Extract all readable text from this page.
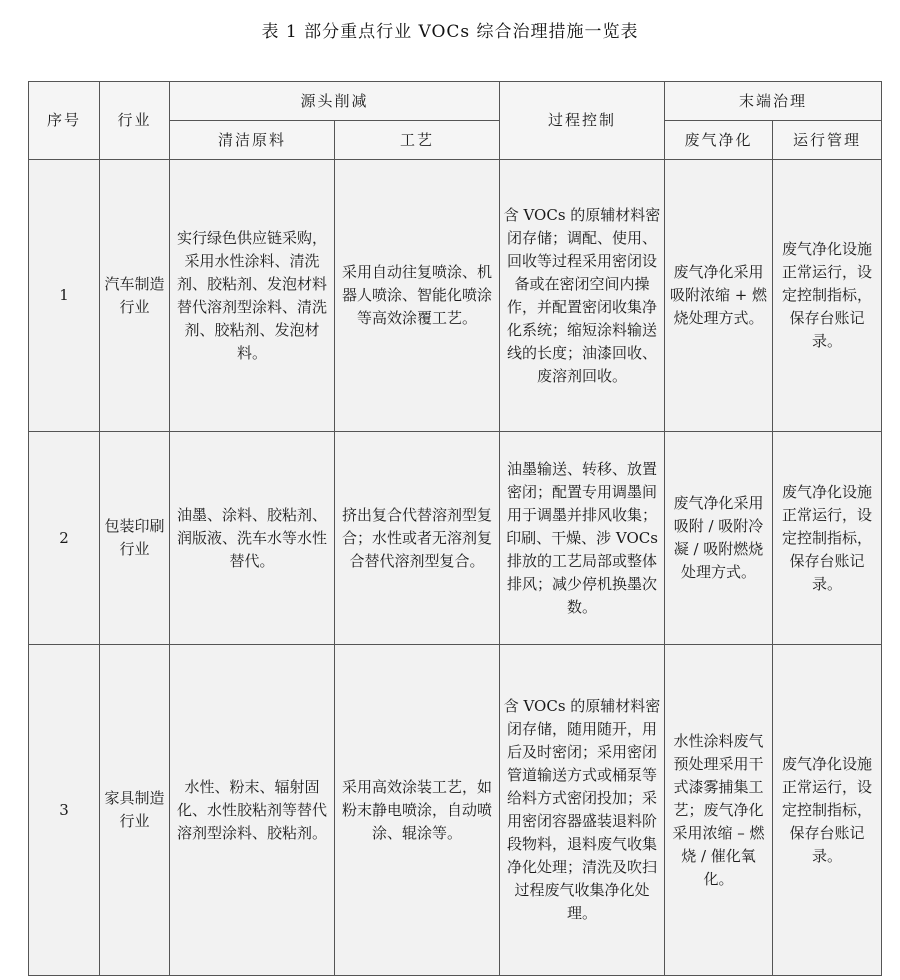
表 1 部分重点行业 VOCs 综合治理措施一览表
序号	行业	源头削减		过程控制	末端治理	
		清洁原料	工艺		废气净化	运行管理
1	汽车制造行业	实行绿色供应链采购，采用水性涂料、清洗剂、胶粘剂、发泡材料替代溶剂型涂料、清洗剂、胶粘剂、发泡材料。	采用自动往复喷涂、机器人喷涂、智能化喷涂等高效涂覆工艺。	含 VOCs 的原辅材料密闭存储；调配、使用、回收等过程采用密闭设备或在密闭空间内操作，并配置密闭收集净化系统；缩短涂料输送线的长度；油漆回收、废溶剂回收。	废气净化采用吸附浓缩 + 燃烧处理方式。	废气净化设施正常运行，设定控制指标，保存台账记录。
2	包装印刷行业	油墨、涂料、胶粘剂、润版液、洗车水等水性替代。	挤出复合代替溶剂型复合；水性或者无溶剂复合替代溶剂型复合。	油墨输送、转移、放置密闭；配置专用调墨间用于调墨并排风收集；印刷、干燥、涉 VOCs 排放的工艺局部或整体排风；减少停机换墨次数。	废气净化采用吸附 / 吸附冷凝 / 吸附燃烧处理方式。	废气净化设施正常运行，设定控制指标，保存台账记录。
3	家具制造行业	水性、粉末、辐射固化、水性胶粘剂等替代溶剂型涂料、胶粘剂。	采用高效涂装工艺，如粉末静电喷涂，自动喷涂、辊涂等。	含 VOCs 的原辅材料密闭存储，随用随开，用后及时密闭；采用密闭管道输送方式或桶泵等给料方式密闭投加；采用密闭容器盛装退料阶段物料，退料废气收集净化处理；清洗及吹扫过程废气收集净化处理。	水性涂料废气预处理采用干式漆雾捕集工艺；废气净化采用浓缩 – 燃烧 / 催化氧化。	废气净化设施正常运行，设定控制指标，保存台账记录。
